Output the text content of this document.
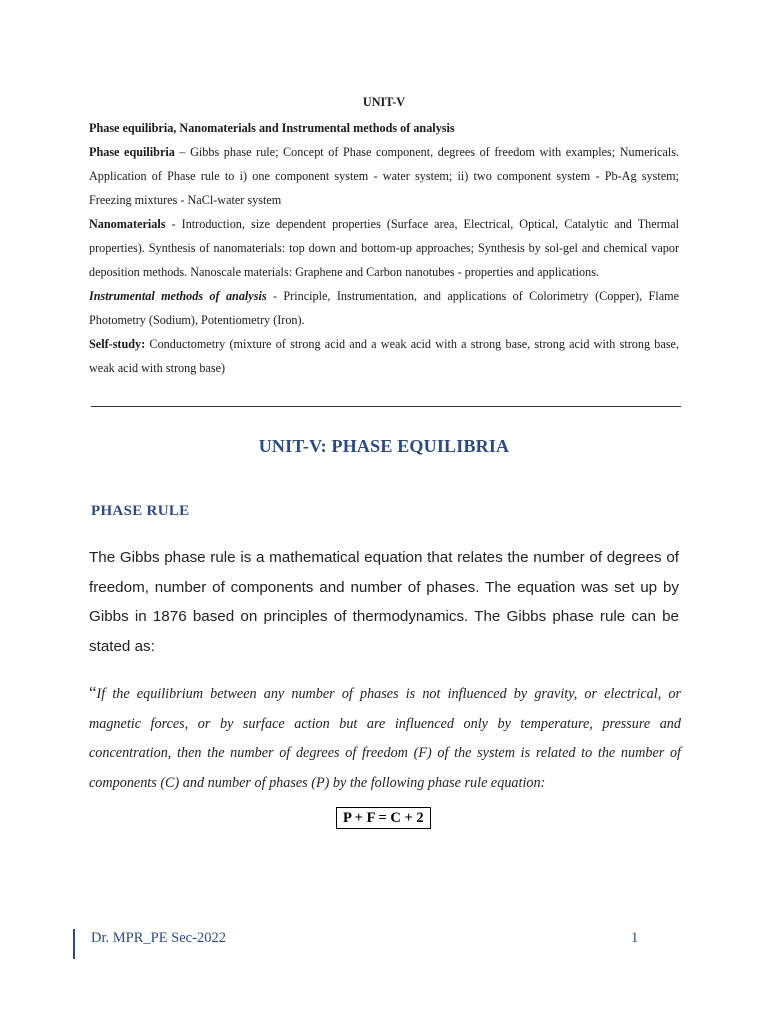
UNIT-V
Phase equilibria, Nanomaterials and Instrumental methods of analysis
Phase equilibria – Gibbs phase rule; Concept of Phase component, degrees of freedom with examples; Numericals. Application of Phase rule to i) one component system - water system; ii) two component system - Pb-Ag system; Freezing mixtures - NaCl-water system
Nanomaterials - Introduction, size dependent properties (Surface area, Electrical, Optical, Catalytic and Thermal properties). Synthesis of nanomaterials: top down and bottom-up approaches; Synthesis by sol-gel and chemical vapor deposition methods. Nanoscale materials: Graphene and Carbon nanotubes - properties and applications.
Instrumental methods of analysis - Principle, Instrumentation, and applications of Colorimetry (Copper), Flame Photometry (Sodium), Potentiometry (Iron).
Self-study: Conductometry (mixture of strong acid and a weak acid with a strong base, strong acid with strong base, weak acid with strong base)
UNIT-V: PHASE EQUILIBRIA
PHASE RULE
The Gibbs phase rule is a mathematical equation that relates the number of degrees of freedom, number of components and number of phases. The equation was set up by Gibbs in 1876 based on principles of thermodynamics. The Gibbs phase rule can be stated as:
“If the equilibrium between any number of phases is not influenced by gravity, or electrical, or magnetic forces, or by surface action but are influenced only by temperature, pressure and concentration, then the number of degrees of freedom (F) of the system is related to the number of components (C) and number of phases (P) by the following phase rule equation:
P + F = C + 2
Dr. MPR_PE Sec-2022	1
